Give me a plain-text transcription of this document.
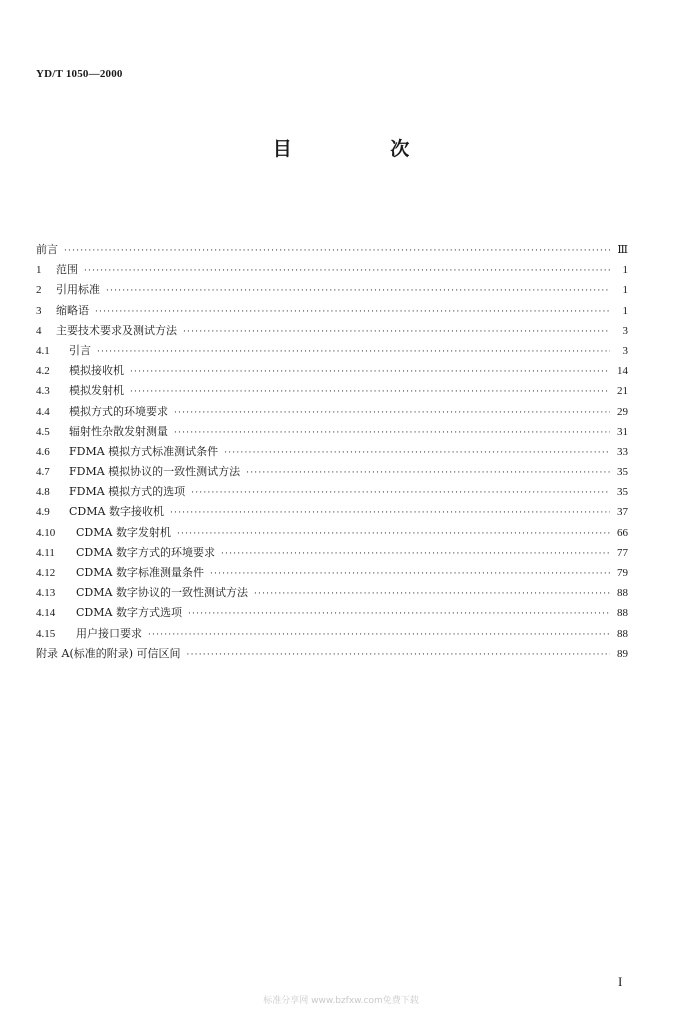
YD/T 1050—2000
目 次
前言 ·····	Ⅲ
1	范围 ·····	1
2	引用标准 ·····	1
3	缩略语 ·····	1
4	主要技术要求及测试方法 ·····	3
4.1	引言 ·····	3
4.2	模拟接收机 ·····	14
4.3	模拟发射机 ·····	21
4.4	模拟方式的环境要求 ·····	29
4.5	辐射性杂散发射测量 ·····	31
4.6	FDMA 模拟方式标准测试条件 ·····	33
4.7	FDMA 模拟协议的一致性测试方法 ·····	35
4.8	FDMA 模拟方式的选项 ·····	35
4.9	CDMA 数字接收机 ·····	37
4.10	CDMA 数字发射机 ·····	66
4.11	CDMA 数字方式的环境要求 ·····	77
4.12	CDMA 数字标准测量条件 ·····	79
4.13	CDMA 数字协议的一致性测试方法 ·····	88
4.14	CDMA 数字方式选项 ·····	88
4.15	用户接口要求 ·····	88
附录 A(标准的附录) 可信区间 ·····	89
I
标准分享网 www.bzfxw.com免费下载
